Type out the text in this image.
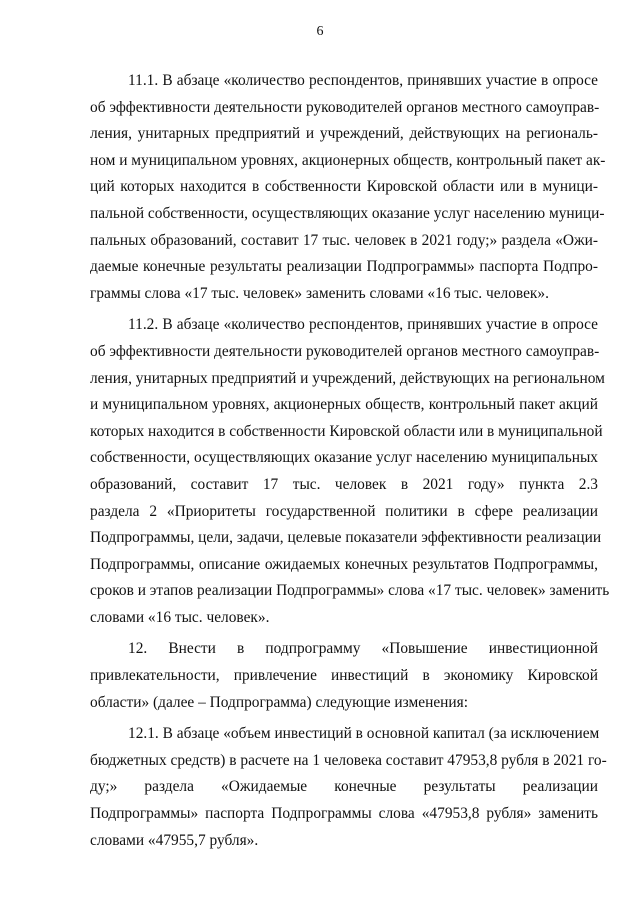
6

11.1. В абзаце «количество респондентов, принявших участие в опросе
об эффективности деятельности руководителей органов местного самоуправ-
ления, унитарных предприятий и учреждений, действующих на региональ-
ном и муниципальном уровнях, акционерных обществ, контрольный пакет ак-
ций которых находится в собственности Кировской области или в муници-
пальной собственности, осуществляющих оказание услуг населению муници-
пальных образований, составит 17 тыс. человек в 2021 году;» раздела «Ожи-
даемые конечные результаты реализации Подпрограммы» паспорта Подпро-
граммы слова «17 тыс. человек» заменить словами «16 тыс. человек».

11.2. В абзаце «количество респондентов, принявших участие в опросе
об эффективности деятельности руководителей органов местного самоуправ-
ления, унитарных предприятий и учреждений, действующих на региональном
и муниципальном уровнях, акционерных обществ, контрольный пакет акций
которых находится в собственности Кировской области или в муниципальной
собственности, осуществляющих оказание услуг населению муниципальных
образований, составит 17 тыс. человек в 2021 году» пункта 2.3
раздела 2 «Приоритеты государственной политики в сфере реализации
Подпрограммы, цели, задачи, целевые показатели эффективности реализации
Подпрограммы, описание ожидаемых конечных результатов Подпрограммы,
сроков и этапов реализации Подпрограммы» слова «17 тыс. человек» заменить
словами «16 тыс. человек».

12. Внести в подпрограмму «Повышение инвестиционной
привлекательности, привлечение инвестиций в экономику Кировской
области» (далее – Подпрограмма) следующие изменения:

12.1. В абзаце «объем инвестиций в основной капитал (за исключением
бюджетных средств) в расчете на 1 человека составит 47953,8 рубля в 2021 го-
ду;» раздела «Ожидаемые конечные результаты реализации
Подпрограммы» паспорта Подпрограммы слова «47953,8 рубля» заменить
словами «47955,7 рубля».
